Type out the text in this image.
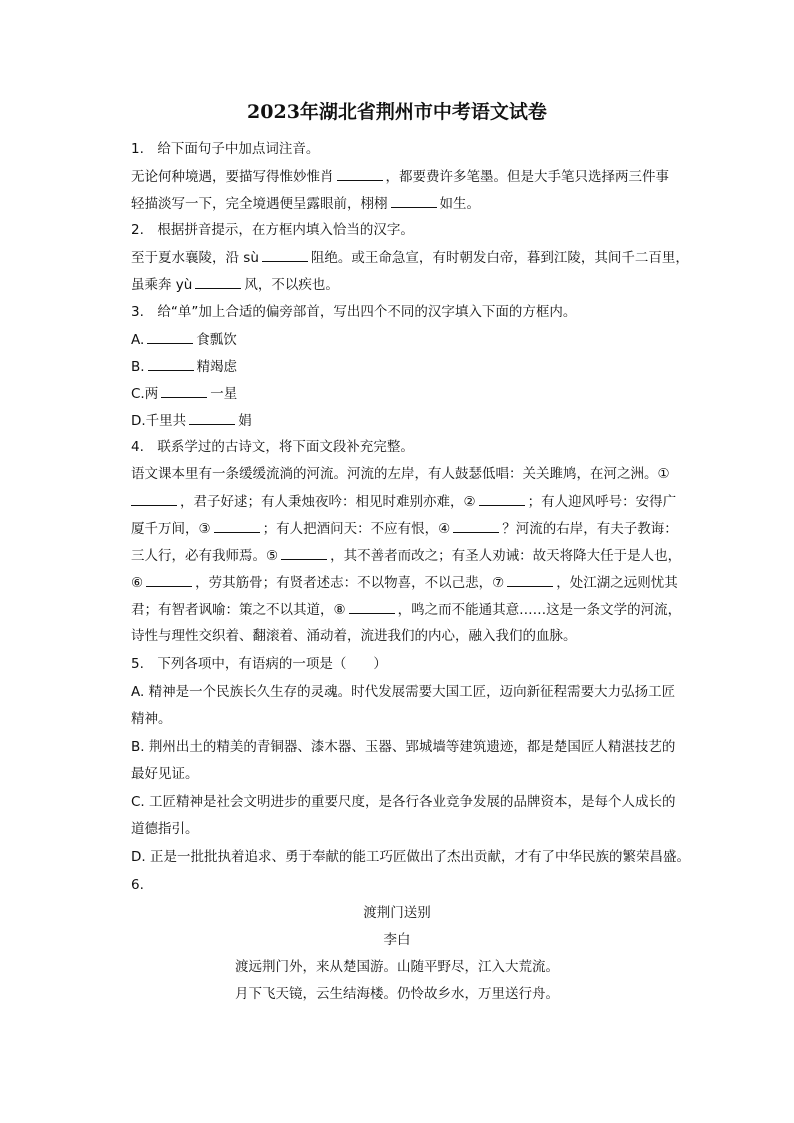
2023年湖北省荆州市中考语文试卷
1.　给下面句子中加点词注音。
无论何种境遇，要描写得惟妙惟肖	，都要费许多笔墨。但是大手笔只选择两三件事
轻描淡写一下，完全境遇便呈露眼前，栩栩	如生。
2.　根据拼音提示，在方框内填入恰当的汉字。
至于夏水襄陵，沿 sù	阻绝。或王命急宣，有时朝发白帝，暮到江陵，其间千二百里，
虽乘奔 yù	风，不以疾也。
3.　给“单”加上合适的偏旁部首，写出四个不同的汉字填入下面的方框内。
A.	食瓢饮
B.	精竭虑
C.两	一星
D.千里共	娟
4.　联系学过的古诗文，将下面文段补充完整。
语文课本里有一条缓缓流淌的河流。河流的左岸，有人鼓瑟低唱：关关雎鸠，在河之洲。①
，君子好逑；有人秉烛夜吟：相见时难别亦难，②	；有人迎风呼号：安得广
厦千万间，③	；有人把酒问天：不应有恨，④	？河流的右岸，有夫子教诲：
三人行，必有我师焉。⑤	，其不善者而改之；有圣人劝诫：故天将降大任于是人也，
⑥	，劳其筋骨；有贤者述志：不以物喜，不以己悲，⑦	，处江湖之远则忧其
君；有智者讽喻：策之不以其道，⑧	，鸣之而不能通其意……这是一条文学的河流，
诗性与理性交织着、翻滚着、涌动着，流进我们的内心，融入我们的血脉。
5.　下列各项中，有语病的一项是（　　）
A. 精神是一个民族长久生存的灵魂。时代发展需要大国工匠，迈向新征程需要大力弘扬工匠
精神。
B. 荆州出土的精美的青铜器、漆木器、玉器、郢城墙等建筑遗迹，都是楚国匠人精湛技艺的
最好见证。
C. 工匠精神是社会文明进步的重要尺度，是各行各业竞争发展的品牌资本，是每个人成长的
道德指引。
D. 正是一批批执着追求、勇于奉献的能工巧匠做出了杰出贡献，才有了中华民族的繁荣昌盛。
6.
渡荆门送别
李白
渡远荆门外，来从楚国游。山随平野尽，江入大荒流。
月下飞天镜，云生结海楼。仍怜故乡水，万里送行舟。
